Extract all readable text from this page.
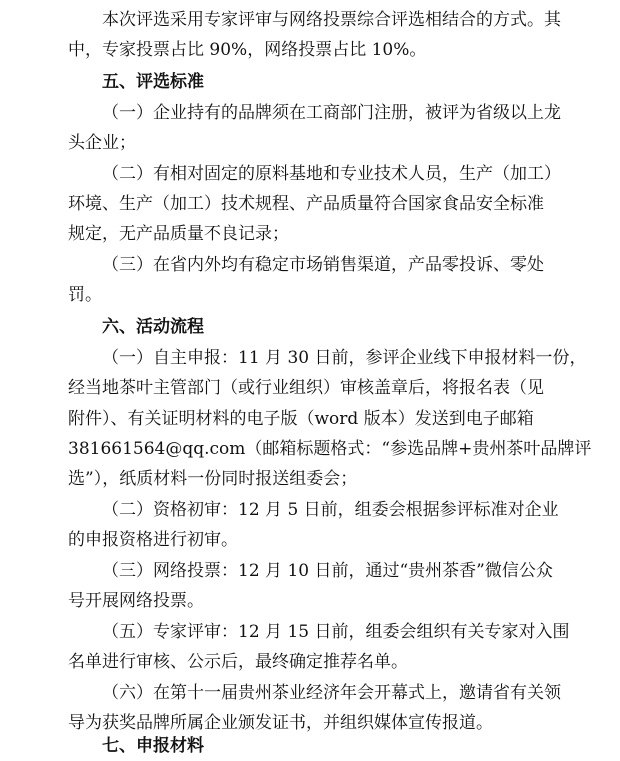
本次评选采用专家评审与网络投票综合评选相结合的方式。其
中，专家投票占比 90%，网络投票占比 10%。
五、评选标准
（一）企业持有的品牌须在工商部门注册，被评为省级以上龙
头企业；
（二）有相对固定的原料基地和专业技术人员，生产（加工）
环境、生产（加工）技术规程、产品质量符合国家食品安全标准
规定，无产品质量不良记录；
（三）在省内外均有稳定市场销售渠道，产品零投诉、零处
罚。
六、活动流程
（一）自主申报：11 月 30 日前，参评企业线下申报材料一份，
经当地茶叶主管部门（或行业组织）审核盖章后，将报名表（见
附件）、有关证明材料的电子版（word 版本）发送到电子邮箱
381661564@qq.com（邮箱标题格式：“参选品牌+贵州茶叶品牌评
选”），纸质材料一份同时报送组委会；
（二）资格初审：12 月 5 日前，组委会根据参评标准对企业
的申报资格进行初审。
（三）网络投票：12 月 10 日前，通过“贵州茶香”微信公众
号开展网络投票。
（五）专家评审：12 月 15 日前，组委会组织有关专家对入围
名单进行审核、公示后，最终确定推荐名单。
（六）在第十一届贵州茶业经济年会开幕式上，邀请省有关领
导为获奖品牌所属企业颁发证书，并组织媒体宣传报道。
七、申报材料
